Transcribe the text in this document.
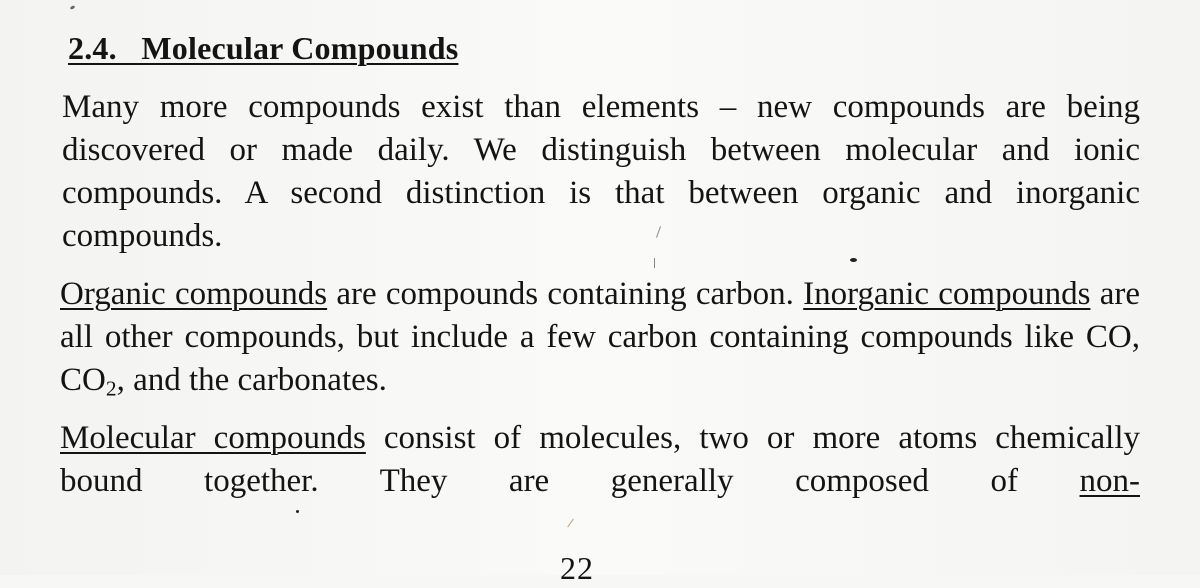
2.4.   Molecular Compounds

Many more compounds exist than elements – new compounds are being discovered or made daily. We distinguish between molecular and ionic compounds. A second distinction is that between organic and inorganic compounds.

Organic compounds are compounds containing carbon. Inorganic compounds are all other compounds, but include a few carbon containing compounds like CO, $CO_2$, and the carbonates.

Molecular compounds consist of molecules, two or more atoms chemically bound together. They are generally composed of non-

22
